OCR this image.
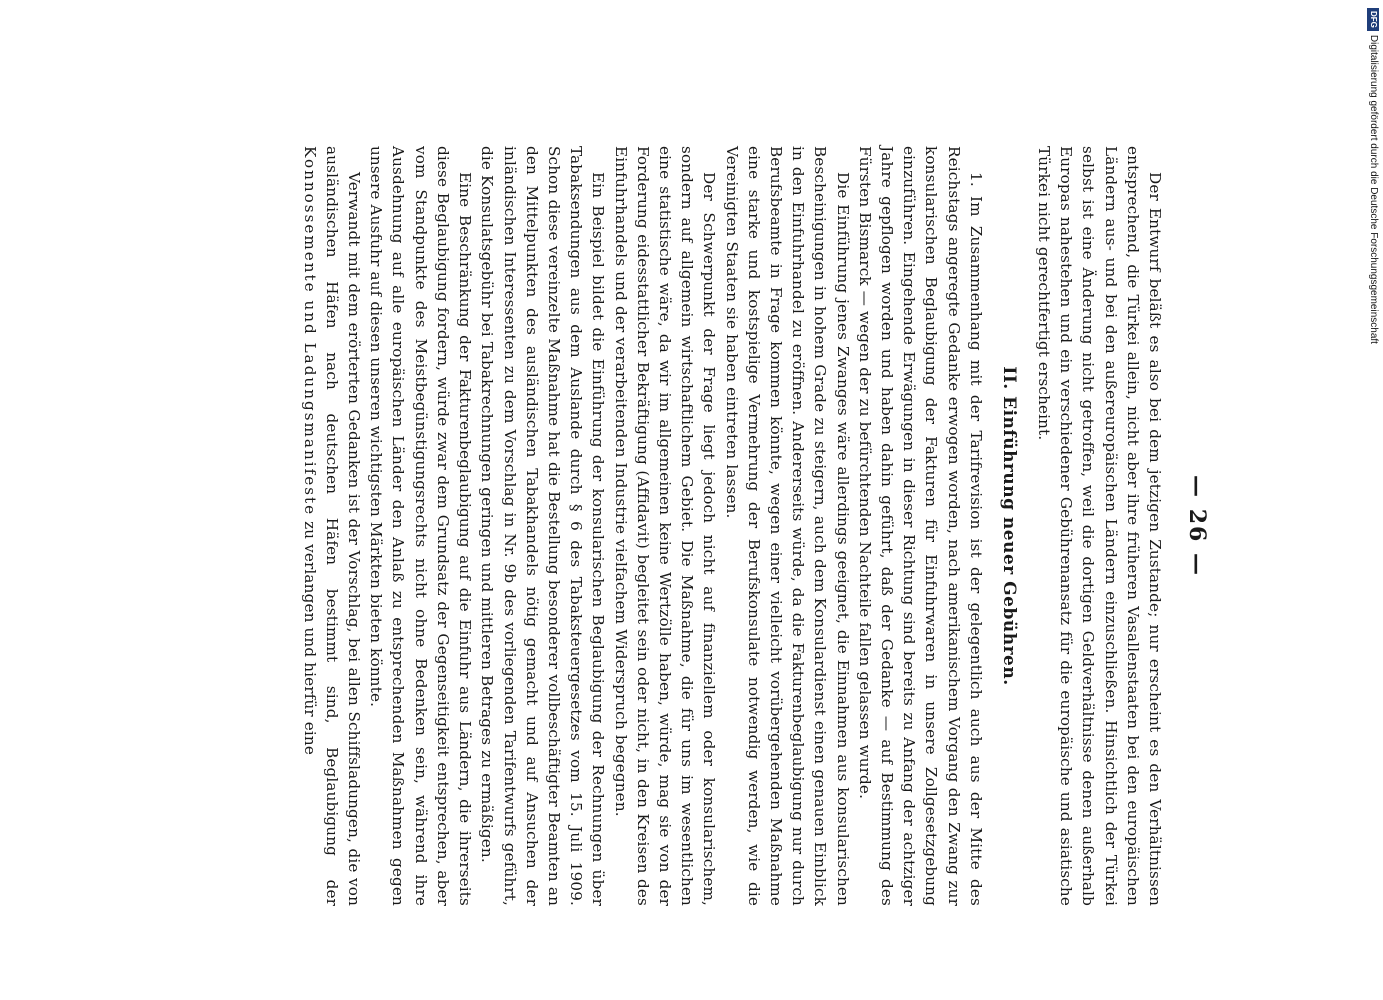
— 26 —

Der Entwurf beläßt es also bei dem jetzigen Zustande; nur erscheint es den Verhältnissen entsprechend, die Türkei allein, nicht aber ihre früheren Vasallenstaaten bei den europäischen Ländern aus- und bei den außereuropäischen Ländern einzuschließen. Hinsichtlich der Türkei selbst ist eine Änderung nicht getroffen, weil die dortigen Geldverhältnisse denen außerhalb Europas nahestehen und ein verschiedener Gebührenansatz für die europäische und asiatische Türkei nicht gerechtfertigt erscheint.

II. Einführung neuer Gebühren.

1. Im Zusammenhang mit der Tarifrevision ist der gelegentlich auch aus der Mitte des Reichstags angeregte Gedanke erwogen worden, nach amerikanischem Vorgang den Zwang zur konsularischen Beglaubigung der Fakturen für Einfuhrwaren in unsere Zollgesetzgebung einzuführen. Eingehende Erwägungen in dieser Richtung sind bereits zu Anfang der achtziger Jahre gepflogen worden und haben dahin geführt, daß der Gedanke — auf Bestimmung des Fürsten Bismarck — wegen der zu befürchtenden Nachteile fallen gelassen wurde.

Die Einführung jenes Zwanges wäre allerdings geeignet, die Einnahmen aus konsularischen Bescheinigungen in hohem Grade zu steigern, auch dem Konsulardienst einen genauen Einblick in den Einfuhrhandel zu eröffnen. Andererseits würde, da die Fakturenbeglaubigung nur durch Berufsbeamte in Frage kommen könnte, wegen einer vielleicht vorübergehenden Maßnahme eine starke und kostspielige Vermehrung der Berufskonsulate notwendig werden, wie die Vereinigten Staaten sie haben eintreten lassen.

Der Schwerpunkt der Frage liegt jedoch nicht auf finanziellem oder konsularischem, sondern auf allgemein wirtschaftlichem Gebiet. Die Maßnahme, die für uns im wesentlichen eine statistische wäre, da wir im allgemeinen keine Wertzölle haben, würde, mag sie von der Forderung eidesstattlicher Bekräftigung (Affidavit) begleitet sein oder nicht, in den Kreisen des Einfuhrhandels und der verarbeitenden Industrie vielfachem Widerspruch begegnen.

Ein Beispiel bildet die Einführung der konsularischen Beglaubigung der Rechnungen über Tabaksendungen aus dem Auslande durch § 6 des Tabaksteuergesetzes vom 15. Juli 1909. Schon diese vereinzelte Maßnahme hat die Bestellung besonderer vollbeschäftigter Beamten an den Mittelpunkten des ausländischen Tabakhandels nötig gemacht und auf Ansuchen der inländischen Interessenten zu dem Vorschlag in Nr. 9b des vorliegenden Tarifentwurfs geführt, die Konsulatsgebühr bei Tabakrechnungen geringen und mittleren Betrages zu ermäßigen.

Eine Beschränkung der Fakturenbeglaubigung auf die Einfuhr aus Ländern, die ihrerseits diese Beglaubigung fordern, würde zwar dem Grundsatz der Gegenseitigkeit entsprechen, aber vom Standpunkte des Meistbegünstigungsrechts nicht ohne Bedenken sein, während ihre Ausdehnung auf alle europäischen Länder den Anlaß zu entsprechenden Maßnahmen gegen unsere Ausfuhr auf diesen unseren wichtigsten Märkten bieten könnte.

Verwandt mit dem erörterten Gedanken ist der Vorschlag, bei allen Schiffsladungen, die von ausländischen Häfen nach deutschen Häfen bestimmt sind, Beglaubigung der Konnossemente und Ladungsmanifeste zu verlangen und hierfür eine

DFG
Digitalisierung gefördert durch die Deutsche Forschungsgemeinschaft
